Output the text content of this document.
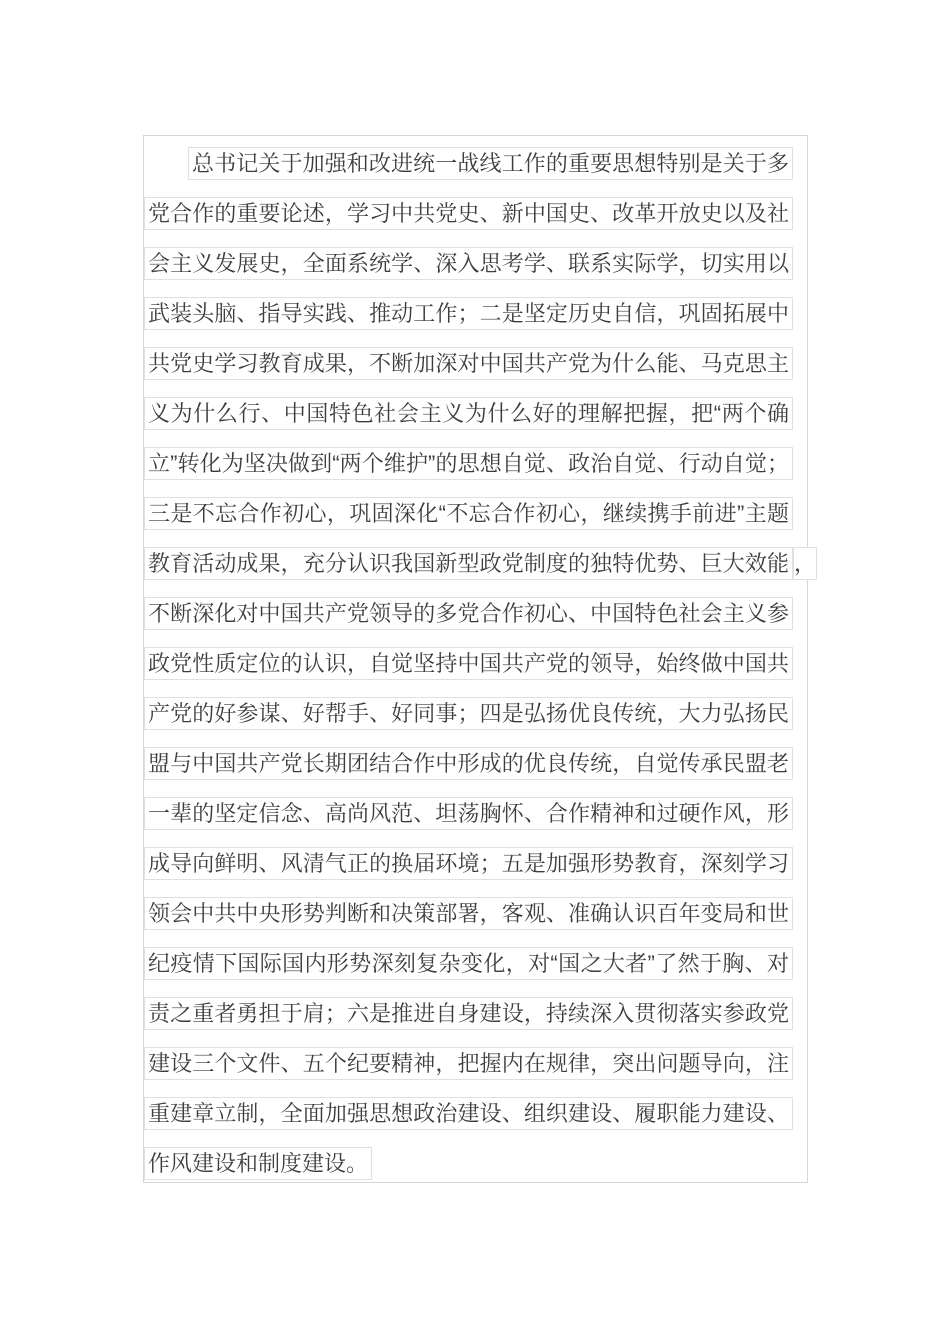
总书记关于加强和改进统一战线工作的重要思想特别是关于多
党合作的重要论述，学习中共党史、新中国史、改革开放史以及社
会主义发展史，全面系统学、深入思考学、联系实际学，切实用以
武装头脑、指导实践、推动工作；二是坚定历史自信，巩固拓展中
共党史学习教育成果，不断加深对中国共产党为什么能、马克思主
义为什么行、中国特色社会主义为什么好的理解把握，把“两个确
立”转化为坚决做到“两个维护”的思想自觉、政治自觉、行动自觉；
三是不忘合作初心，巩固深化“不忘合作初心，继续携手前进”主题
教育活动成果，充分认识我国新型政党制度的独特优势、巨大效能 ，
不断深化对中国共产党领导的多党合作初心、中国特色社会主义参
政党性质定位的认识，自觉坚持中国共产党的领导，始终做中国共
产党的好参谋、好帮手、好同事；四是弘扬优良传统，大力弘扬民
盟与中国共产党长期团结合作中形成的优良传统，自觉传承民盟老
一辈的坚定信念、高尚风范、坦荡胸怀、合作精神和过硬作风，形
成导向鲜明、风清气正的换届环境；五是加强形势教育，深刻学习
领会中共中央形势判断和决策部署，客观、准确认识百年变局和世
纪疫情下国际国内形势深刻复杂变化，对“国之大者”了然于胸、对
责之重者勇担于肩；六是推进自身建设，持续深入贯彻落实参政党
建设三个文件、五个纪要精神，把握内在规律，突出问题导向，注
重建章立制，全面加强思想政治建设、组织建设、履职能力建设、
作风建设和制度建设。
